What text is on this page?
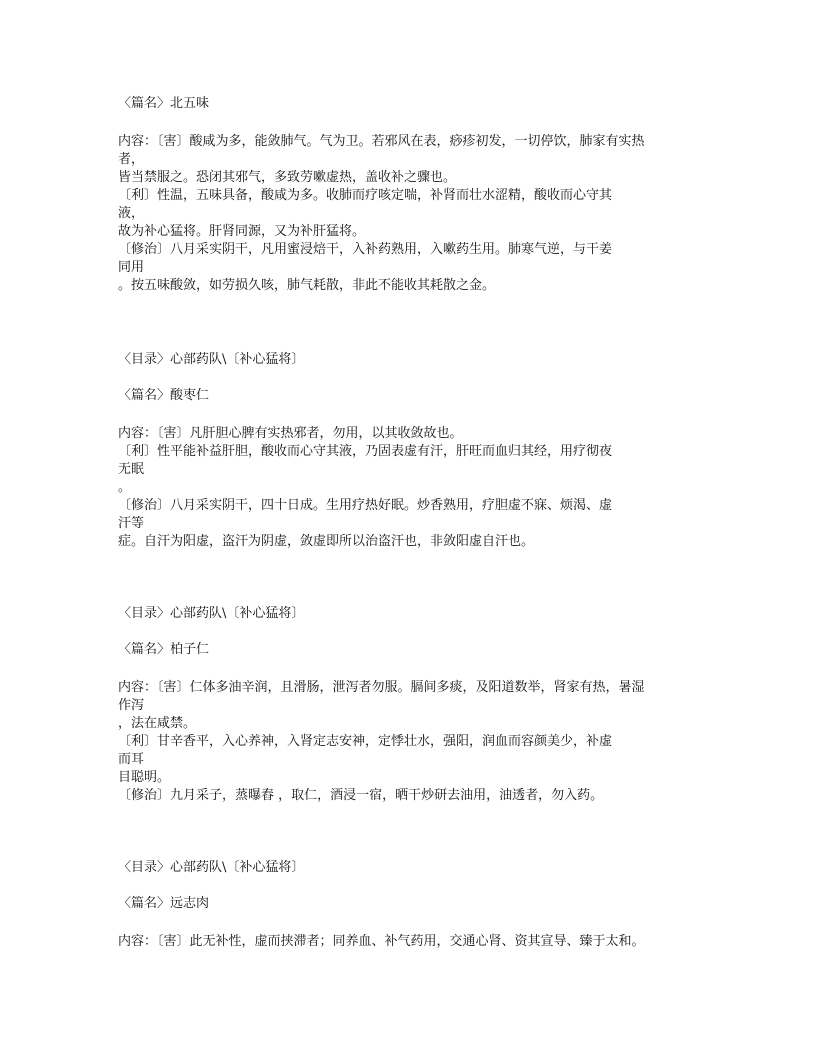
〈篇名〉北五味
内容：〔害〕酸咸为多，能敛肺气。气为卫。若邪风在表，痧疹初发，一切停饮，肺家有实热
者，
皆当禁服之。恐闭其邪气，多致劳嗽虚热，盖收补之骤也。
〔利〕性温，五味具备，酸咸为多。收肺而疗咳定喘，补肾而壮水涩精，酸收而心守其
液，
故为补心猛将。肝肾同源，又为补肝猛将。
〔修治〕八月采实阴干，凡用蜜浸焙干，入补药熟用，入嗽药生用。肺寒气逆，与干姜
同用
。按五味酸敛，如劳损久咳，肺气耗散，非此不能收其耗散之金。
〈目录〉心部药队\〔补心猛将〕
〈篇名〉酸枣仁
内容：〔害〕凡肝胆心脾有实热邪者，勿用，以其收敛故也。
〔利〕性平能补益肝胆，酸收而心守其液，乃固表虚有汗，肝旺而血归其经，用疗彻夜
无眠
。
〔修治〕八月采实阴干，四十日成。生用疗热好眠。炒香熟用，疗胆虚不寐、烦渴、虚
汗等
症。自汗为阳虚，盗汗为阴虚，敛虚即所以治盗汗也，非敛阳虚自汗也。
〈目录〉心部药队\〔补心猛将〕
〈篇名〉柏子仁
内容：〔害〕仁体多油辛润，且滑肠，泄泻者勿服。膈间多痰，及阳道数举，肾家有热，暑湿
作泻
，法在咸禁。
〔利〕甘辛香平，入心养神，入肾定志安神，定悸壮水，强阳，润血而容颜美少，补虚
而耳
目聪明。
〔修治〕九月采子，蒸曝舂 ，取仁，酒浸一宿，晒干炒研去油用，油透者，勿入药。
〈目录〉心部药队\〔补心猛将〕
〈篇名〉远志肉
内容：〔害〕此无补性，虚而挟滞者；同养血、补气药用，交通心肾、资其宣导、臻于太和。
